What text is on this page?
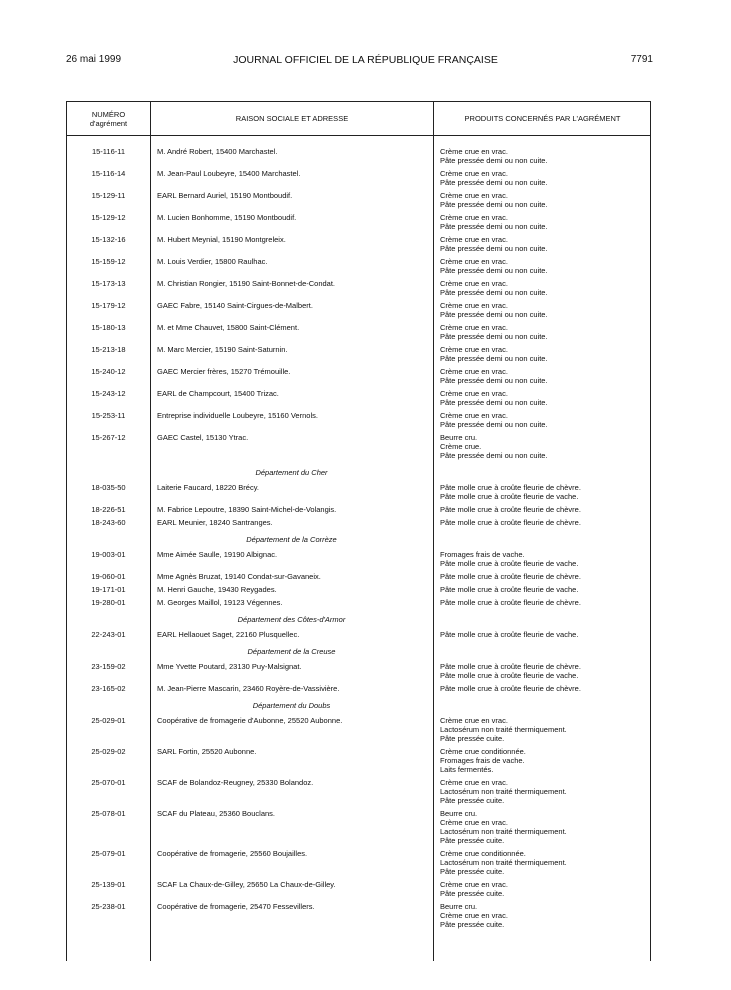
26 mai 1999	JOURNAL OFFICIEL DE LA RÉPUBLIQUE FRANÇAISE	7791
NUMÉRO
d'agrément	RAISON SOCIALE ET ADRESSE	PRODUITS CONCERNÉS PAR L'AGRÉMENT
15-116-11	M. André Robert, 15400 Marchastel.	Crème crue en vrac.
Pâte pressée demi ou non cuite.
15-116-14	M. Jean-Paul Loubeyre, 15400 Marchastel.	Crème crue en vrac.
Pâte pressée demi ou non cuite.
15-129-11	EARL Bernard Auriel, 15190 Montboudif.	Crème crue en vrac.
Pâte pressée demi ou non cuite.
15-129-12	M. Lucien Bonhomme, 15190 Montboudif.	Crème crue en vrac.
Pâte pressée demi ou non cuite.
15-132-16	M. Hubert Meynial, 15190 Montgreleix.	Crème crue en vrac.
Pâte pressée demi ou non cuite.
15-159-12	M. Louis Verdier, 15800 Raulhac.	Crème crue en vrac.
Pâte pressée demi ou non cuite.
15-173-13	M. Christian Rongier, 15190 Saint-Bonnet-de-Condat.	Crème crue en vrac.
Pâte pressée demi ou non cuite.
15-179-12	GAEC Fabre, 15140 Saint-Cirgues-de-Malbert.	Crème crue en vrac.
Pâte pressée demi ou non cuite.
15-180-13	M. et Mme Chauvet, 15800 Saint-Clément.	Crème crue en vrac.
Pâte pressée demi ou non cuite.
15-213-18	M. Marc Mercier, 15190 Saint-Saturnin.	Crème crue en vrac.
Pâte pressée demi ou non cuite.
15-240-12	GAEC Mercier frères, 15270 Trémouille.	Crème crue en vrac.
Pâte pressée demi ou non cuite.
15-243-12	EARL de Champcourt, 15400 Trizac.	Crème crue en vrac.
Pâte pressée demi ou non cuite.
15-253-11	Entreprise individuelle Loubeyre, 15160 Vernols.	Crème crue en vrac.
Pâte pressée demi ou non cuite.
15-267-12	GAEC Castel, 15130 Ytrac.	Beurre cru.
Crème crue.
Pâte pressée demi ou non cuite.
Département du Cher
18-035-50	Laiterie Faucard, 18220 Brécy.	Pâte molle crue à croûte fleurie de chèvre.
Pâte molle crue à croûte fleurie de vache.
18-226-51	M. Fabrice Lepoutre, 18390 Saint-Michel-de-Volangis.	Pâte molle crue à croûte fleurie de chèvre.
18-243-60	EARL Meunier, 18240 Santranges.	Pâte molle crue à croûte fleurie de chèvre.
Département de la Corrèze
19-003-01	Mme Aimée Saulle, 19190 Albignac.	Fromages frais de vache.
Pâte molle crue à croûte fleurie de vache.
19-060-01	Mme Agnès Bruzat, 19140 Condat-sur-Gavaneix.	Pâte molle crue à croûte fleurie de chèvre.
19-171-01	M. Henri Gauche, 19430 Reygades.	Pâte molle crue à croûte fleurie de vache.
19-280-01	M. Georges Maillol, 19123 Végennes.	Pâte molle crue à croûte fleurie de chèvre.
Département des Côtes-d'Armor
22-243-01	EARL Hellaouet Saget, 22160 Plusquellec.	Pâte molle crue à croûte fleurie de vache.
Département de la Creuse
23-159-02	Mme Yvette Poutard, 23130 Puy-Malsignat.	Pâte molle crue à croûte fleurie de chèvre.
Pâte molle crue à croûte fleurie de vache.
23-165-02	M. Jean-Pierre Mascarin, 23460 Royère-de-Vassivière.	Pâte molle crue à croûte fleurie de chèvre.
Département du Doubs
25-029-01	Coopérative de fromagerie d'Aubonne, 25520 Aubonne.	Crème crue en vrac.
Lactosérum non traité thermiquement.
Pâte pressée cuite.
25-029-02	SARL Fortin, 25520 Aubonne.	Crème crue conditionnée.
Fromages frais de vache.
Laits fermentés.
25-070-01	SCAF de Bolandoz-Reugney, 25330 Bolandoz.	Crème crue en vrac.
Lactosérum non traité thermiquement.
Pâte pressée cuite.
25-078-01	SCAF du Plateau, 25360 Bouclans.	Beurre cru.
Crème crue en vrac.
Lactosérum non traité thermiquement.
Pâte pressée cuite.
25-079-01	Coopérative de fromagerie, 25560 Boujailles.	Crème crue conditionnée.
Lactosérum non traité thermiquement.
Pâte pressée cuite.
25-139-01	SCAF La Chaux-de-Gilley, 25650 La Chaux-de-Gilley.	Crème crue en vrac.
Pâte pressée cuite.
25-238-01	Coopérative de fromagerie, 25470 Fessevillers.	Beurre cru.
Crème crue en vrac.
Pâte pressée cuite.
